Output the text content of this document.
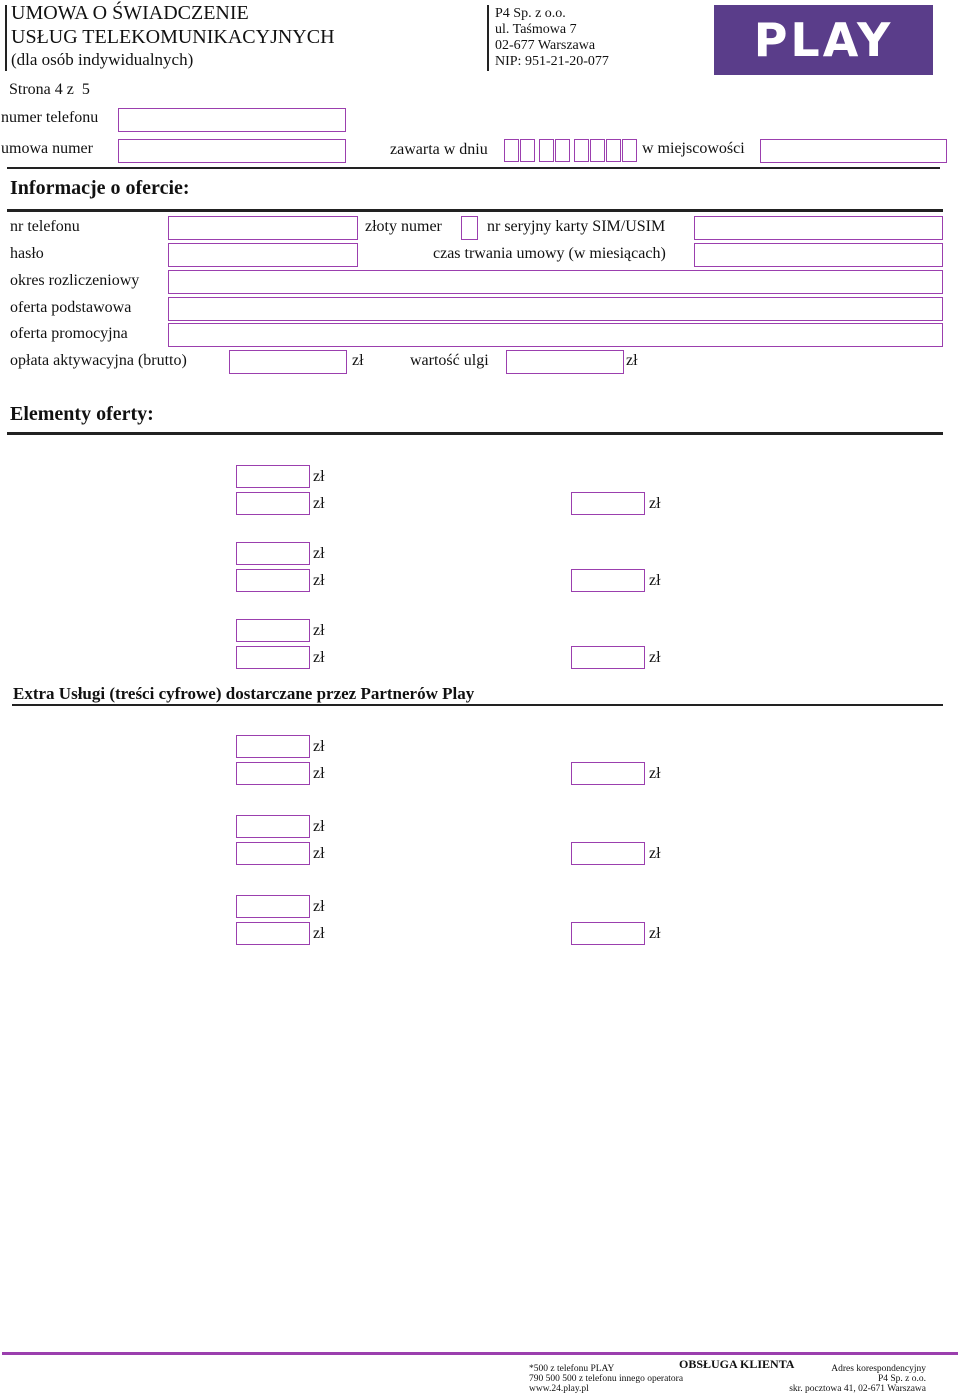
UMOWA O ŚWIADCZENIE
USŁUG TELEKOMUNIKACYJNYCH
(dla osób indywidualnych)
P4 Sp. z o.o.
ul. Taśmowa 7
02-677 Warszawa
NIP: 951-21-20-077	PLAY
Strona 4 z 5
numer telefonu
umowa numer	zawarta w dniu	w miejscowości
Informacje o ofercie:
nr telefonu	złoty numer	nr seryjny karty SIM/USIM
hasło	czas trwania umowy (w miesiącach)
okres rozliczeniowy
oferta podstawowa
oferta promocyjna
opłata aktywacyjna (brutto)	zł	wartość ulgi	zł
Elementy oferty:
zł
zł	zł
zł
zł	zł
zł
zł	zł
Extra Usługi (treści cyfrowe) dostarczane przez Partnerów Play
zł
zł	zł
zł
zł	zł
zł
zł	zł
*500 z telefonu PLAY
790 500 500 z telefonu innego operatora
www.24.play.pl
OBSŁUGA KLIENTA	Adres korespondencyjny
P4 Sp. z o.o.
skr. pocztowa 41, 02-671 Warszawa
